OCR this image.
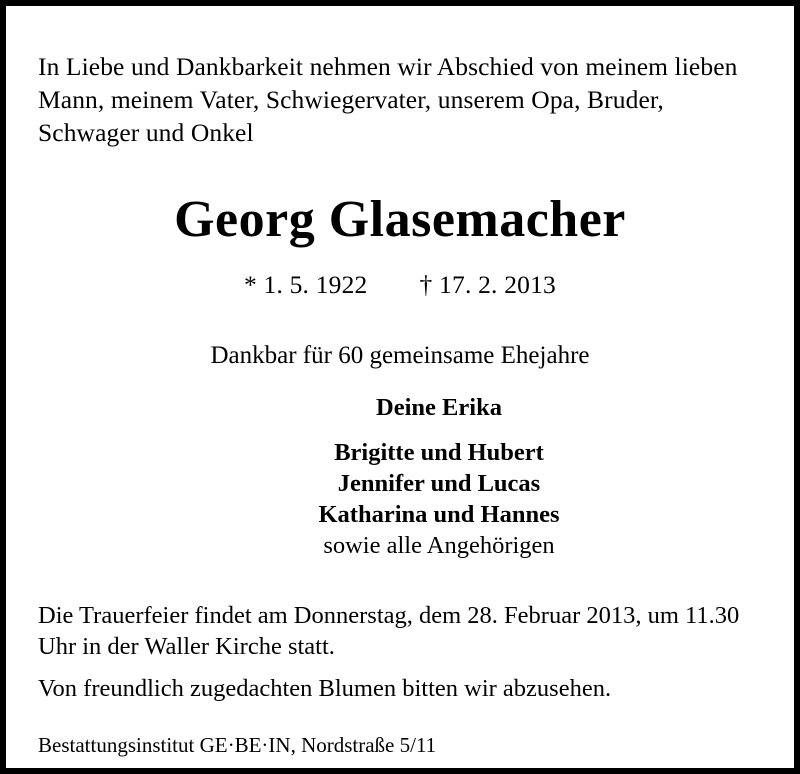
In Liebe und Dankbarkeit nehmen wir Abschied von meinem lieben Mann, meinem Vater, Schwiegervater, unserem Opa, Bruder, Schwager und Onkel
Georg Glasemacher
* 1. 5. 1922 † 17. 2. 2013
Dankbar für 60 gemeinsame Ehejahre
Deine Erika
Brigitte und Hubert
Jennifer und Lucas
Katharina und Hannes
sowie alle Angehörigen
Die Trauerfeier findet am Donnerstag, dem 28. Februar 2013, um 11.30 Uhr in der Waller Kirche statt.
Von freundlich zugedachten Blumen bitten wir abzusehen.
Bestattungsinstitut GE·BE·IN, Nordstraße 5/11
